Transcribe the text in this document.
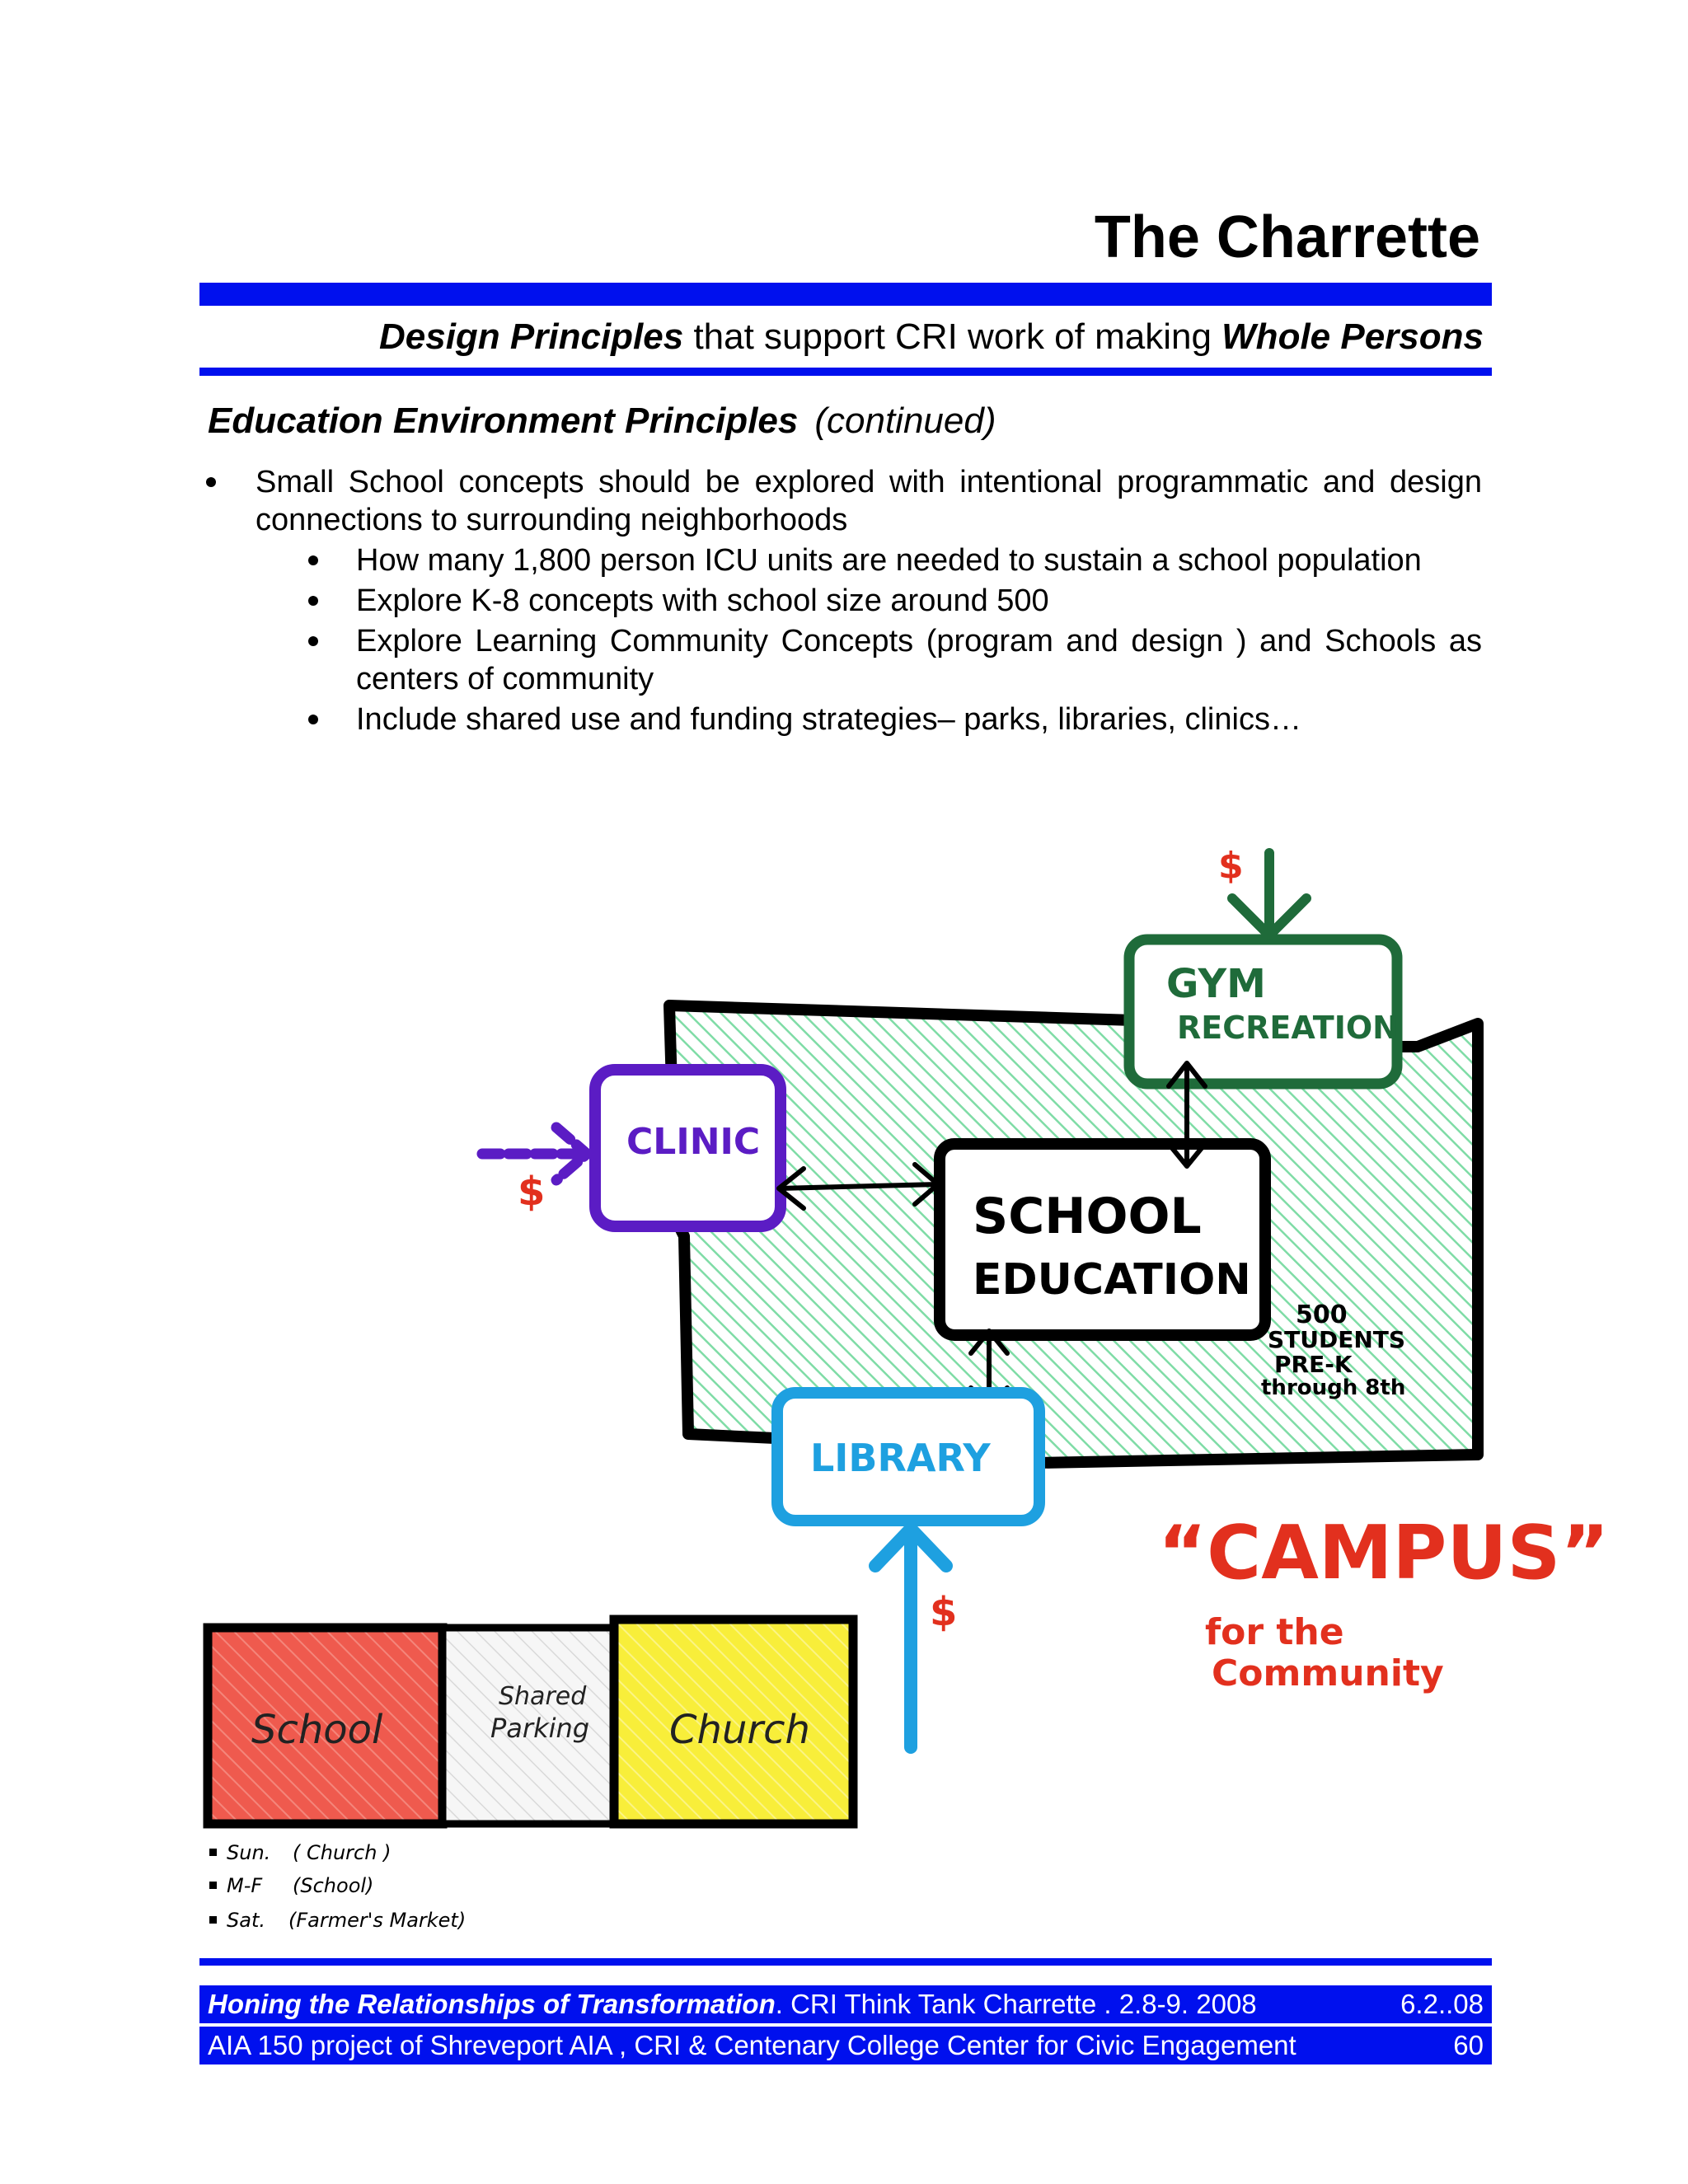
The Charrette
Design Principles that support CRI work of making Whole Persons
Education Environment Principles (continued)
Small School concepts should be explored with intentional programmatic and design connections to surrounding neighborhoods
How many 1,800 person ICU units are needed to sustain a school population
Explore K-8 concepts with school size around 500
Explore Learning Community Concepts (program and design ) and Schools as centers of community
Include shared use and funding strategies– parks, libraries, clinics…
GYM
RECREATION
$
CLINIC
$	SCHOOL
EDUCATION
500
STUDENTS
PRE-K
through 8th
LIBRARY
$
“CAMPUS”
for the
Community
School
Shared
Parking Church
Sun. ( Church )
M-F (School)
Sat. (Farmer's Market)
Honing the Relationships of Transformation. CRI Think Tank Charrette . 2.8-9. 2008	6.2..08
AIA 150 project of Shreveport AIA , CRI & Centenary College Center for Civic Engagement	60
